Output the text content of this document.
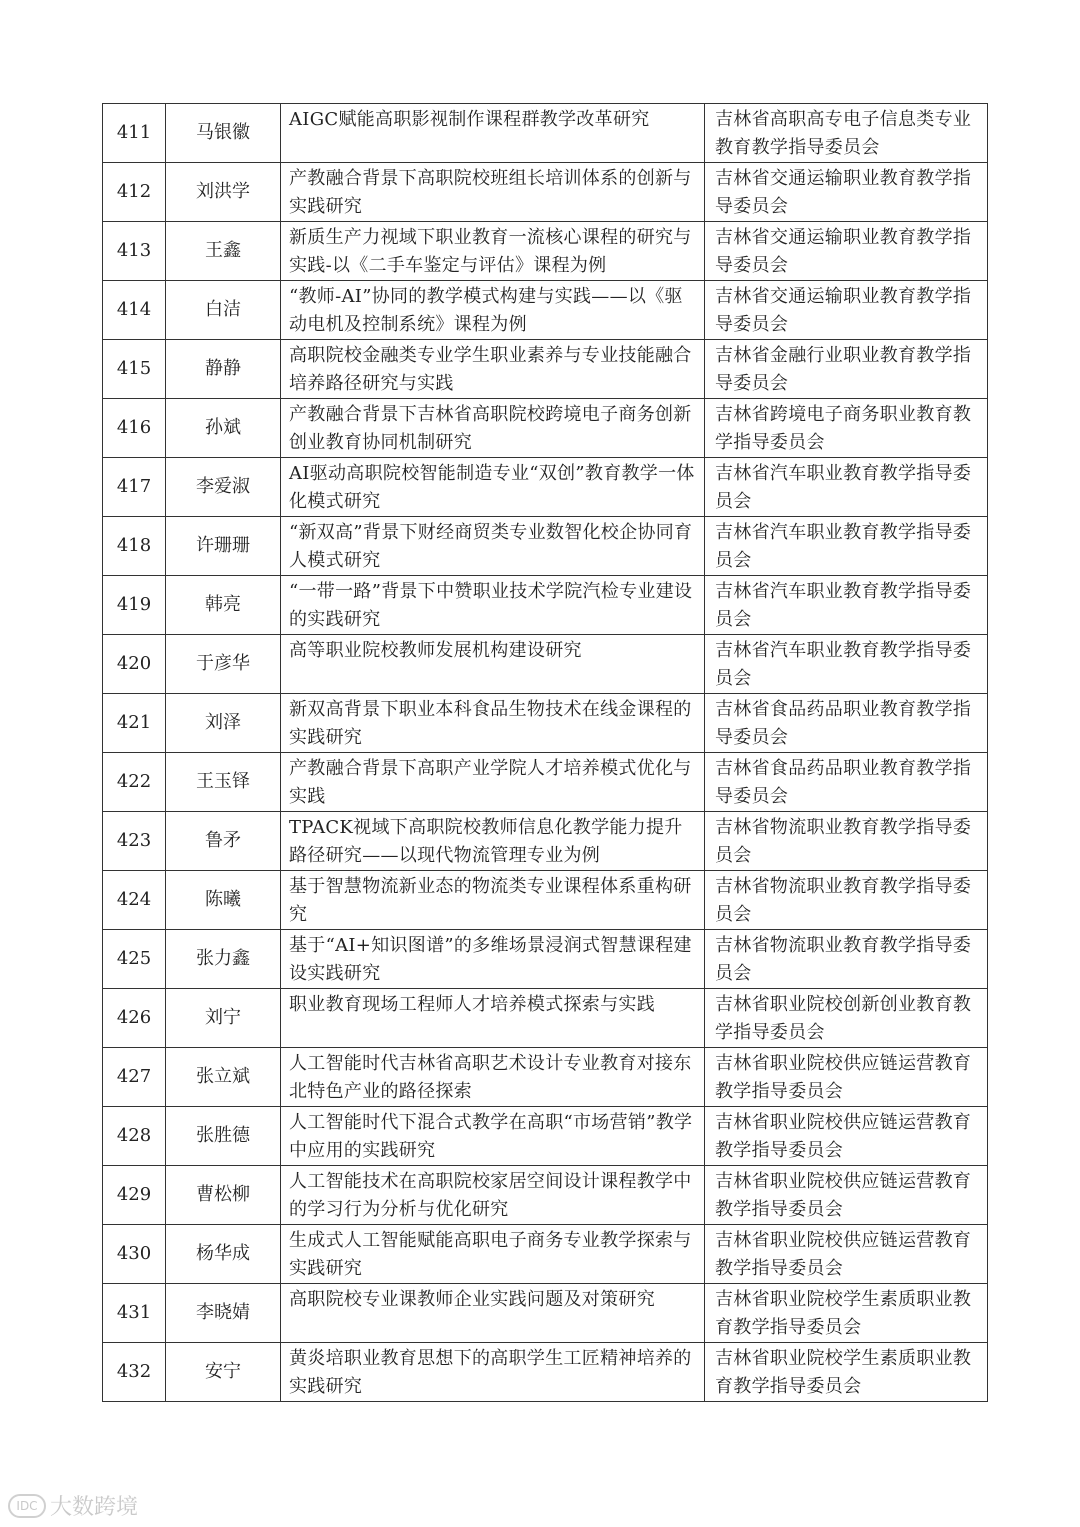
411	马银徽	AIGC赋能高职影视制作课程群教学改革研究	吉林省高职高专电子信息类专业教育教学指导委员会
412	刘洪学	产教融合背景下高职院校班组长培训体系的创新与实践研究	吉林省交通运输职业教育教学指导委员会
413	王鑫	新质生产力视域下职业教育一流核心课程的研究与实践-以《二手车鉴定与评估》课程为例	吉林省交通运输职业教育教学指导委员会
414	白洁	“教师-AI”协同的教学模式构建与实践——以《驱动电机及控制系统》课程为例	吉林省交通运输职业教育教学指导委员会
415	静静	高职院校金融类专业学生职业素养与专业技能融合培养路径研究与实践	吉林省金融行业职业教育教学指导委员会
416	孙斌	产教融合背景下吉林省高职院校跨境电子商务创新创业教育协同机制研究	吉林省跨境电子商务职业教育教学指导委员会
417	李爱淑	AI驱动高职院校智能制造专业“双创”教育教学一体化模式研究	吉林省汽车职业教育教学指导委员会
418	许珊珊	“新双高”背景下财经商贸类专业数智化校企协同育人模式研究	吉林省汽车职业教育教学指导委员会
419	韩亮	“一带一路”背景下中赞职业技术学院汽检专业建设的实践研究	吉林省汽车职业教育教学指导委员会
420	于彦华	高等职业院校教师发展机构建设研究	吉林省汽车职业教育教学指导委员会
421	刘泽	新双高背景下职业本科食品生物技术在线金课程的实践研究	吉林省食品药品职业教育教学指导委员会
422	王玉铎	产教融合背景下高职产业学院人才培养模式优化与实践	吉林省食品药品职业教育教学指导委员会
423	鲁矛	TPACK视域下高职院校教师信息化教学能力提升路径研究——以现代物流管理专业为例	吉林省物流职业教育教学指导委员会
424	陈曦	基于智慧物流新业态的物流类专业课程体系重构研究	吉林省物流职业教育教学指导委员会
425	张力鑫	基于“AI+知识图谱”的多维场景浸润式智慧课程建设实践研究	吉林省物流职业教育教学指导委员会
426	刘宁	职业教育现场工程师人才培养模式探索与实践	吉林省职业院校创新创业教育教学指导委员会
427	张立斌	人工智能时代吉林省高职艺术设计专业教育对接东北特色产业的路径探索	吉林省职业院校供应链运营教育教学指导委员会
428	张胜德	人工智能时代下混合式教学在高职“市场营销”教学中应用的实践研究	吉林省职业院校供应链运营教育教学指导委员会
429	曹松柳	人工智能技术在高职院校家居空间设计课程教学中的学习行为分析与优化研究	吉林省职业院校供应链运营教育教学指导委员会
430	杨华成	生成式人工智能赋能高职电子商务专业教学探索与实践研究	吉林省职业院校供应链运营教育教学指导委员会
431	李晓婧	高职院校专业课教师企业实践问题及对策研究	吉林省职业院校学生素质职业教育教学指导委员会
432	安宁	黄炎培职业教育思想下的高职学生工匠精神培养的实践研究	吉林省职业院校学生素质职业教育教学指导委员会
IDC 大数跨境
